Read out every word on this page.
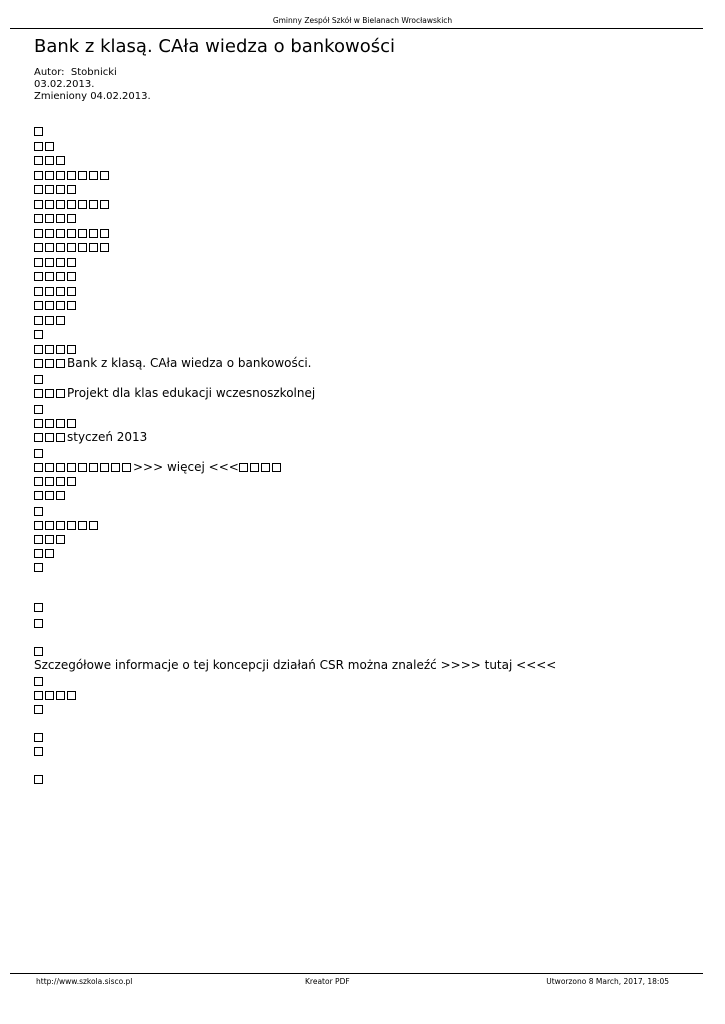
Gminny Zespół Szkół w Bielanach Wrocławskich
Bank z klasą. CAła wiedza o bankowości
Autor: Stobnicki
03.02.2013.
Zmieniony 04.02.2013.
Bank z klasą. CAła wiedza o bankowości.
Projekt dla klas edukacji wczesnoszkolnej
styczeń 2013
>>> więcej <<<
Szczegółowe informacje o tej koncepcji działań CSR można znaleźć >>>> tutaj <<<<
http://www.szkola.sisco.pl	Kreator PDF	Utworzono 8 March, 2017, 18:05
